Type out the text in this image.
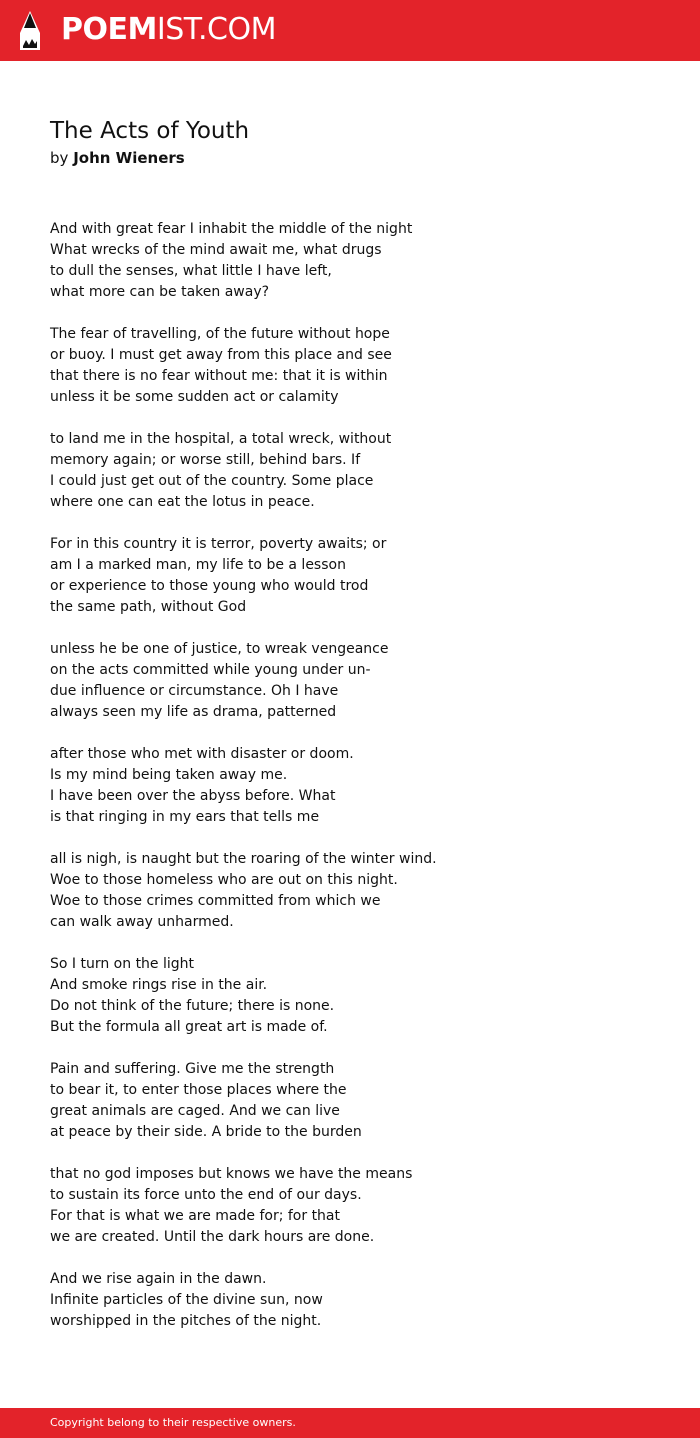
POEMIST.COM
The Acts of Youth
by John Wieners
And with great fear I inhabit the middle of the night
What wrecks of the mind await me, what drugs
to dull the senses, what little I have left,
what more can be taken away?
The fear of travelling, of the future without hope
or buoy. I must get away from this place and see
that there is no fear without me: that it is within
unless it be some sudden act or calamity
to land me in the hospital, a total wreck, without
memory again; or worse still, behind bars. If
I could just get out of the country. Some place
where one can eat the lotus in peace.
For in this country it is terror, poverty awaits; or
am I a marked man, my life to be a lesson
or experience to those young who would trod
the same path, without God
unless he be one of justice, to wreak vengeance
on the acts committed while young under un-
due influence or circumstance. Oh I have
always seen my life as drama, patterned
after those who met with disaster or doom.
Is my mind being taken away me.
I have been over the abyss before. What
is that ringing in my ears that tells me
all is nigh, is naught but the roaring of the winter wind.
Woe to those homeless who are out on this night.
Woe to those crimes committed from which we
can walk away unharmed.
So I turn on the light
And smoke rings rise in the air.
Do not think of the future; there is none.
But the formula all great art is made of.
Pain and suffering. Give me the strength
to bear it, to enter those places where the
great animals are caged. And we can live
at peace by their side. A bride to the burden
that no god imposes but knows we have the means
to sustain its force unto the end of our days.
For that is what we are made for; for that
we are created. Until the dark hours are done.
And we rise again in the dawn.
Infinite particles of the divine sun, now
worshipped in the pitches of the night.
Copyright belong to their respective owners.
